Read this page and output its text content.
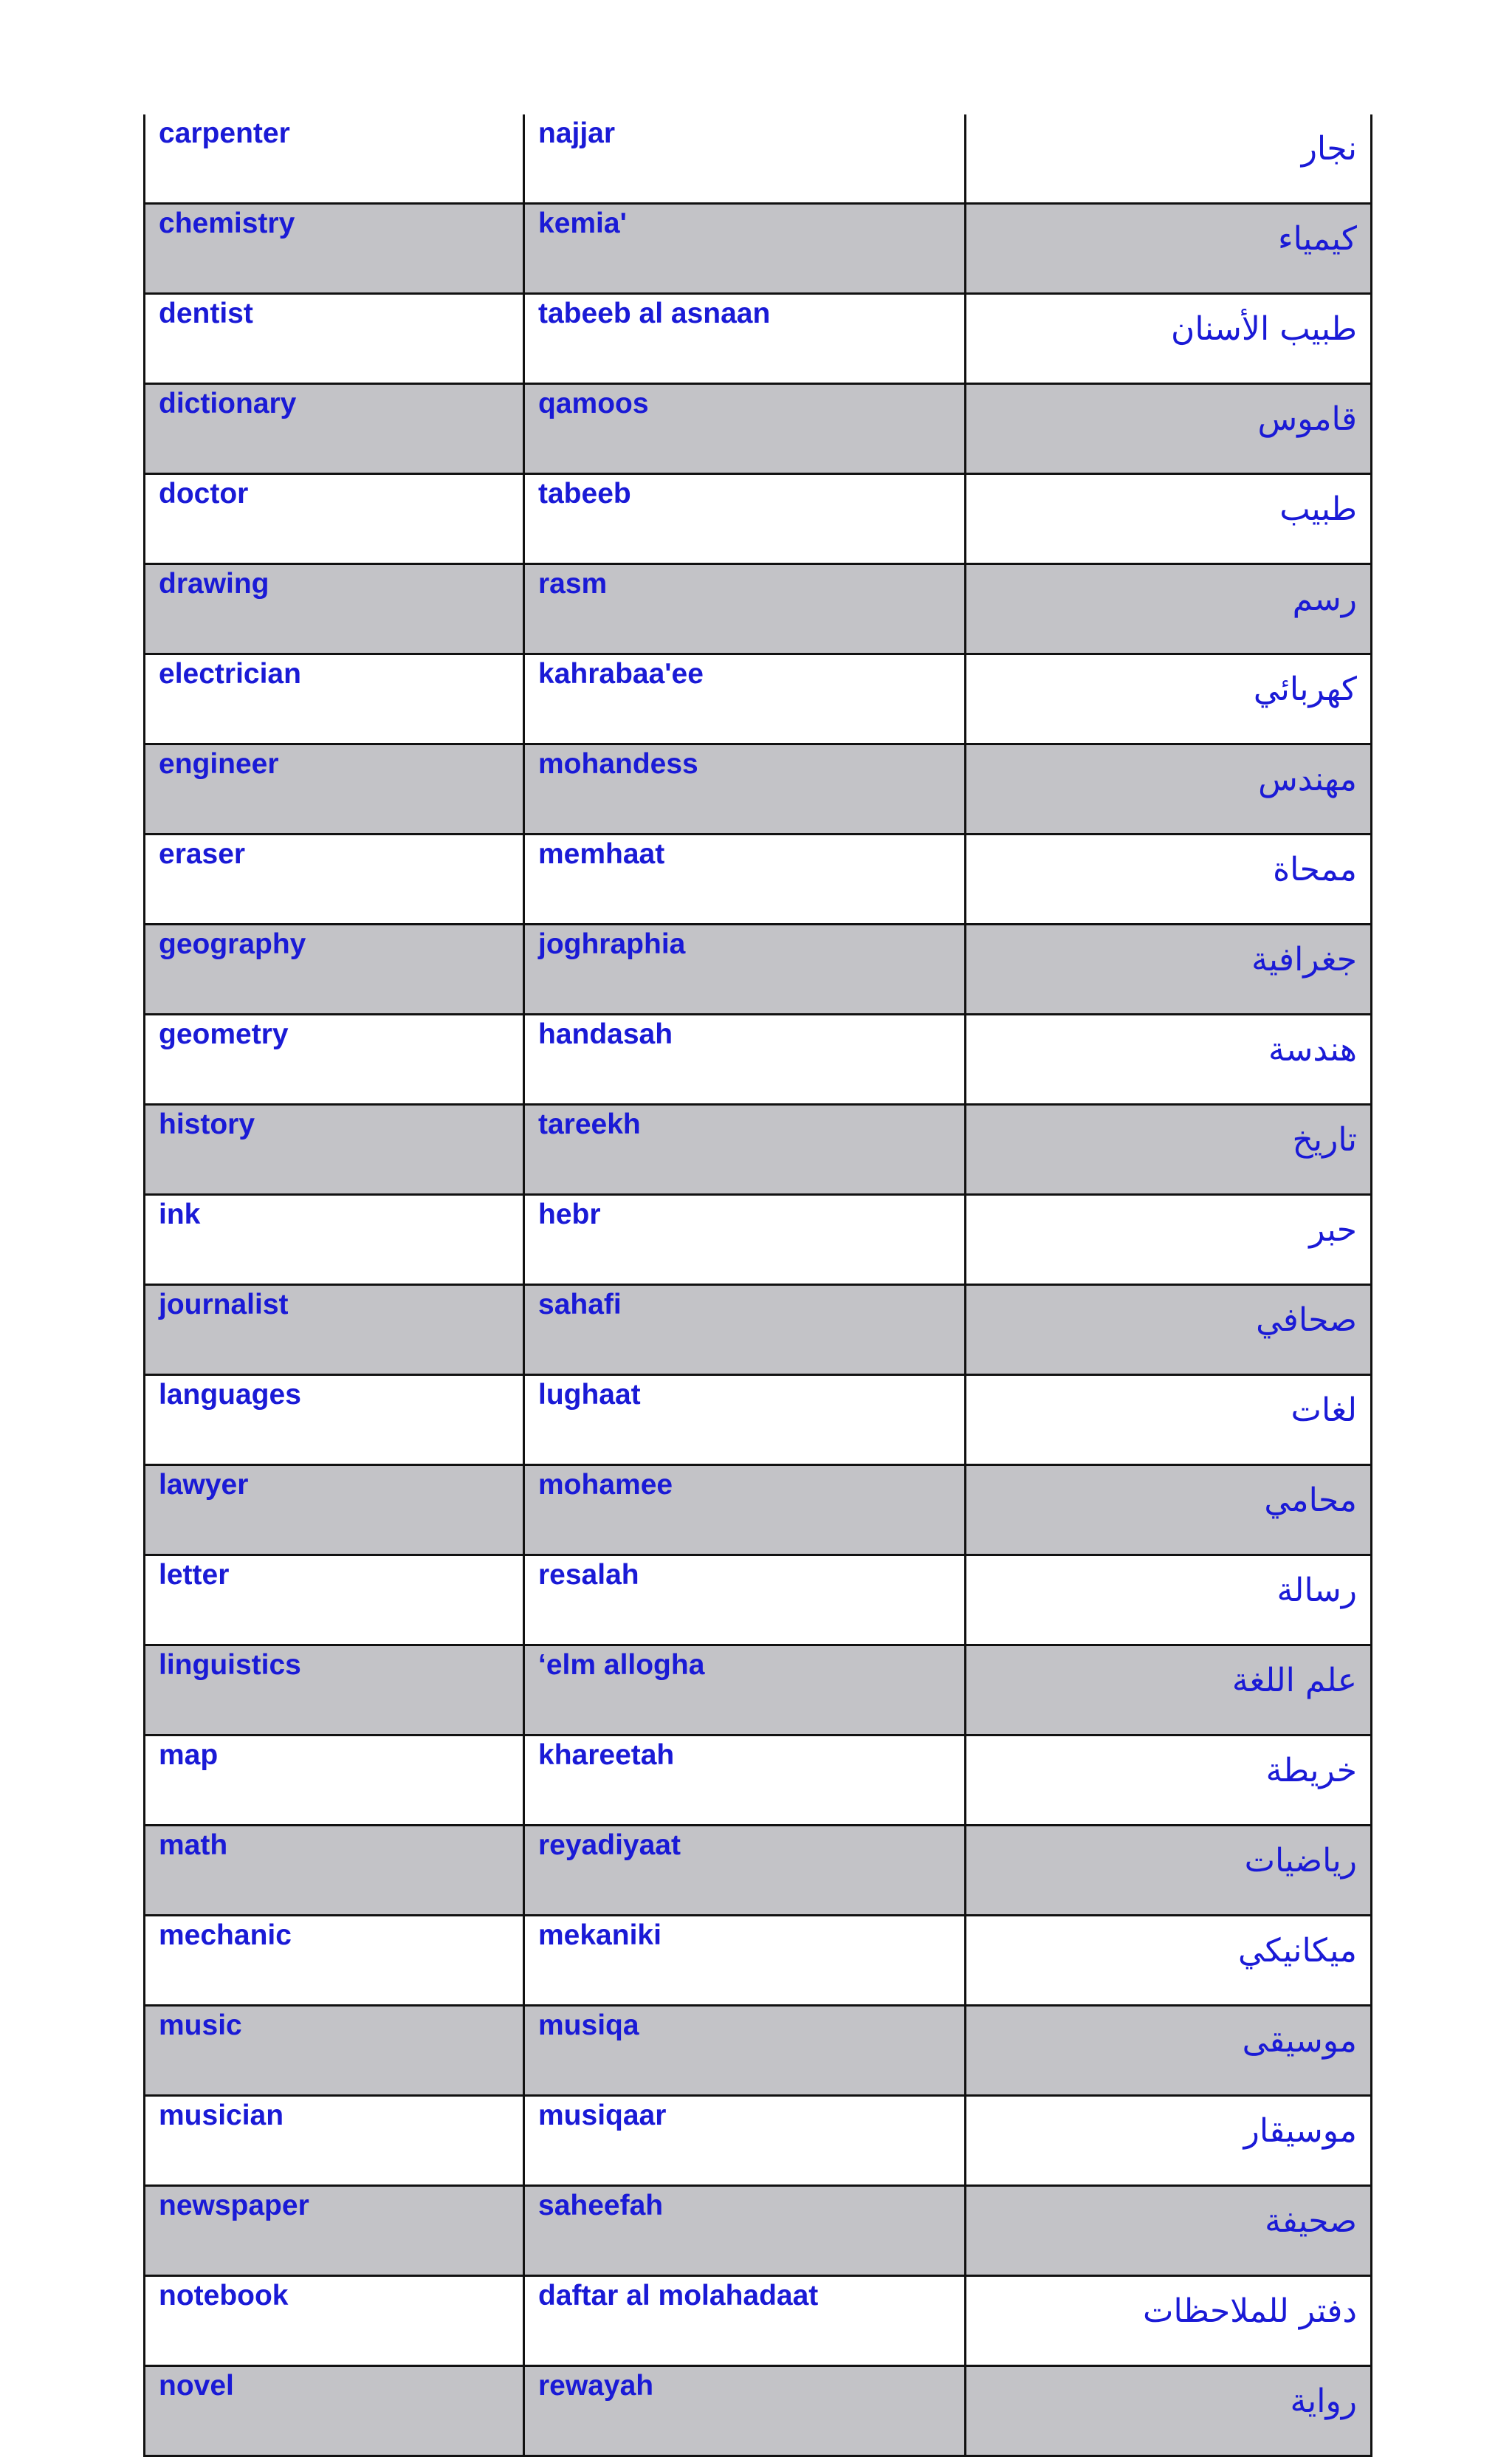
carpenter	najjar	نجار
chemistry	kemia'	كيمياء
dentist	tabeeb al asnaan	طبيب الأسنان
dictionary	qamoos	قاموس
doctor	tabeeb	طبيب
drawing	rasm	رسم
electrician	kahrabaa'ee	كهربائي
engineer	mohandess	مهندس
eraser	memhaat	ممحاة
geography	joghraphia	جغرافية
geometry	handasah	هندسة
history	tareekh	تاريخ
ink	hebr	حبر
journalist	sahafi	صحافي
languages	lughaat	لغات
lawyer	mohamee	محامي
letter	resalah	رسالة
linguistics	‘elm allogha	علم اللغة
map	khareetah	خريطة
math	reyadiyaat	رياضيات
mechanic	mekaniki	ميكانيكي
music	musiqa	موسيقى
musician	musiqaar	موسيقار
newspaper	saheefah	صحيفة
notebook	daftar al molahadaat	دفتر للملاحظات
novel	rewayah	رواية
